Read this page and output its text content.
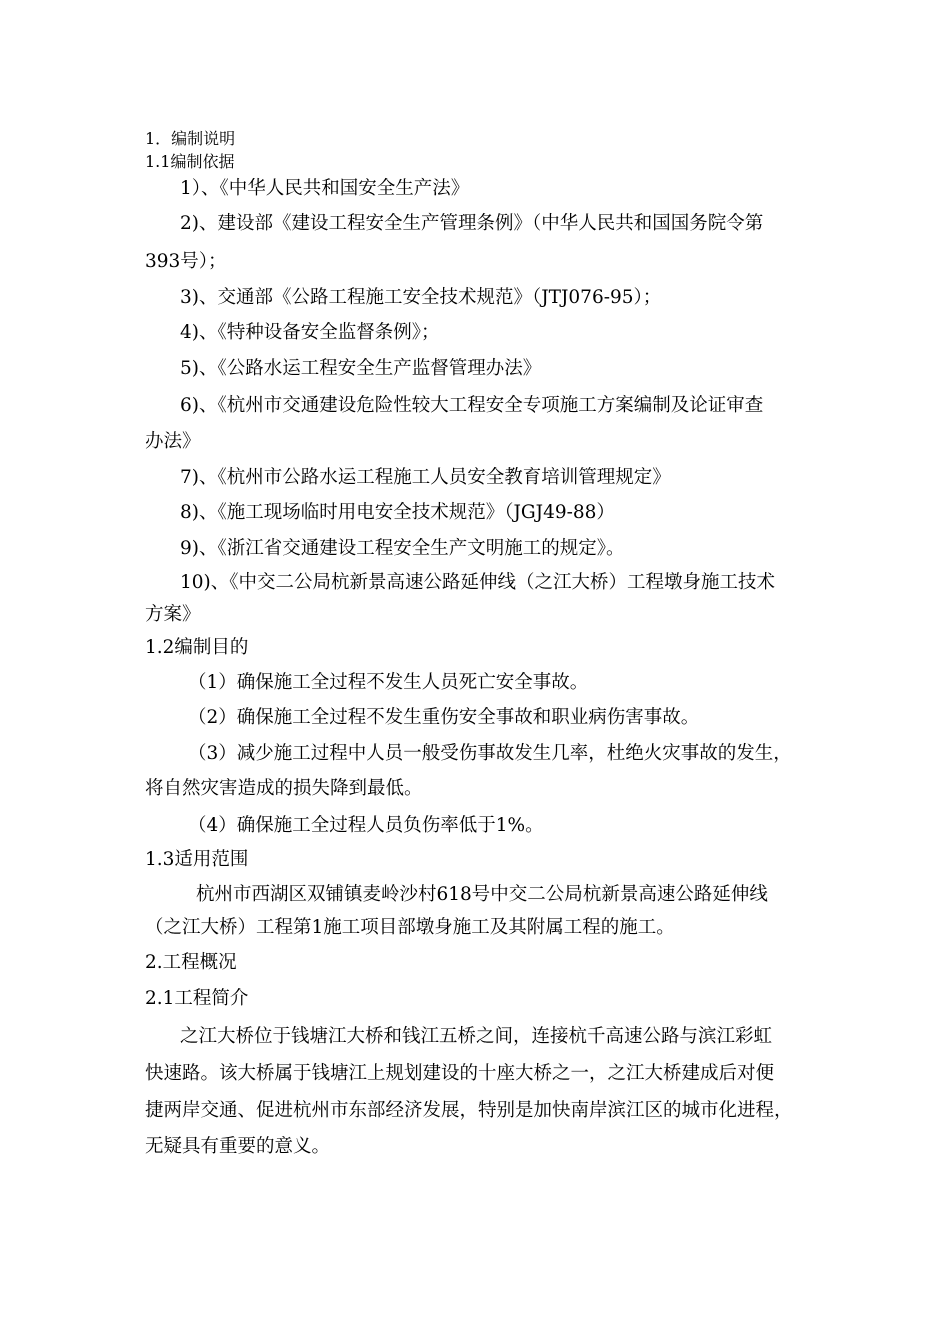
1．编制说明
1.1编制依据

1）、《中华人民共和国安全生产法》

2)、建设部《建设工程安全生产管理条例》（中华人民共和国国务院令第

393号）；

3)、交通部《公路工程施工安全技术规范》（JTJ076-95）；

4)、《特种设备安全监督条例》；

5)、《公路水运工程安全生产监督管理办法》

6)、《杭州市交通建设危险性较大工程安全专项施工方案编制及论证审查

办法》

7)、《杭州市公路水运工程施工人员安全教育培训管理规定》

8)、《施工现场临时用电安全技术规范》（JGJ49-88）

9)、《浙江省交通建设工程安全生产文明施工的规定》。

10)、《中交二公局杭新景高速公路延伸线（之江大桥）工程墩身施工技术

方案》

1.2编制目的

（1）确保施工全过程不发生人员死亡安全事故。

（2）确保施工全过程不发生重伤安全事故和职业病伤害事故。

（3）减少施工过程中人员一般受伤事故发生几率，杜绝火灾事故的发生，

将自然灾害造成的损失降到最低。

（4）确保施工全过程人员负伤率低于1%。

1.3适用范围

杭州市西湖区双铺镇麦岭沙村618号中交二公局杭新景高速公路延伸线

（之江大桥）工程第1施工项目部墩身施工及其附属工程的施工。

2.工程概况
2.1工程简介

之江大桥位于钱塘江大桥和钱江五桥之间，连接杭千高速公路与滨江彩虹

快速路。该大桥属于钱塘江上规划建设的十座大桥之一，之江大桥建成后对便

捷两岸交通、促进杭州市东部经济发展，特别是加快南岸滨江区的城市化进程，

无疑具有重要的意义。
